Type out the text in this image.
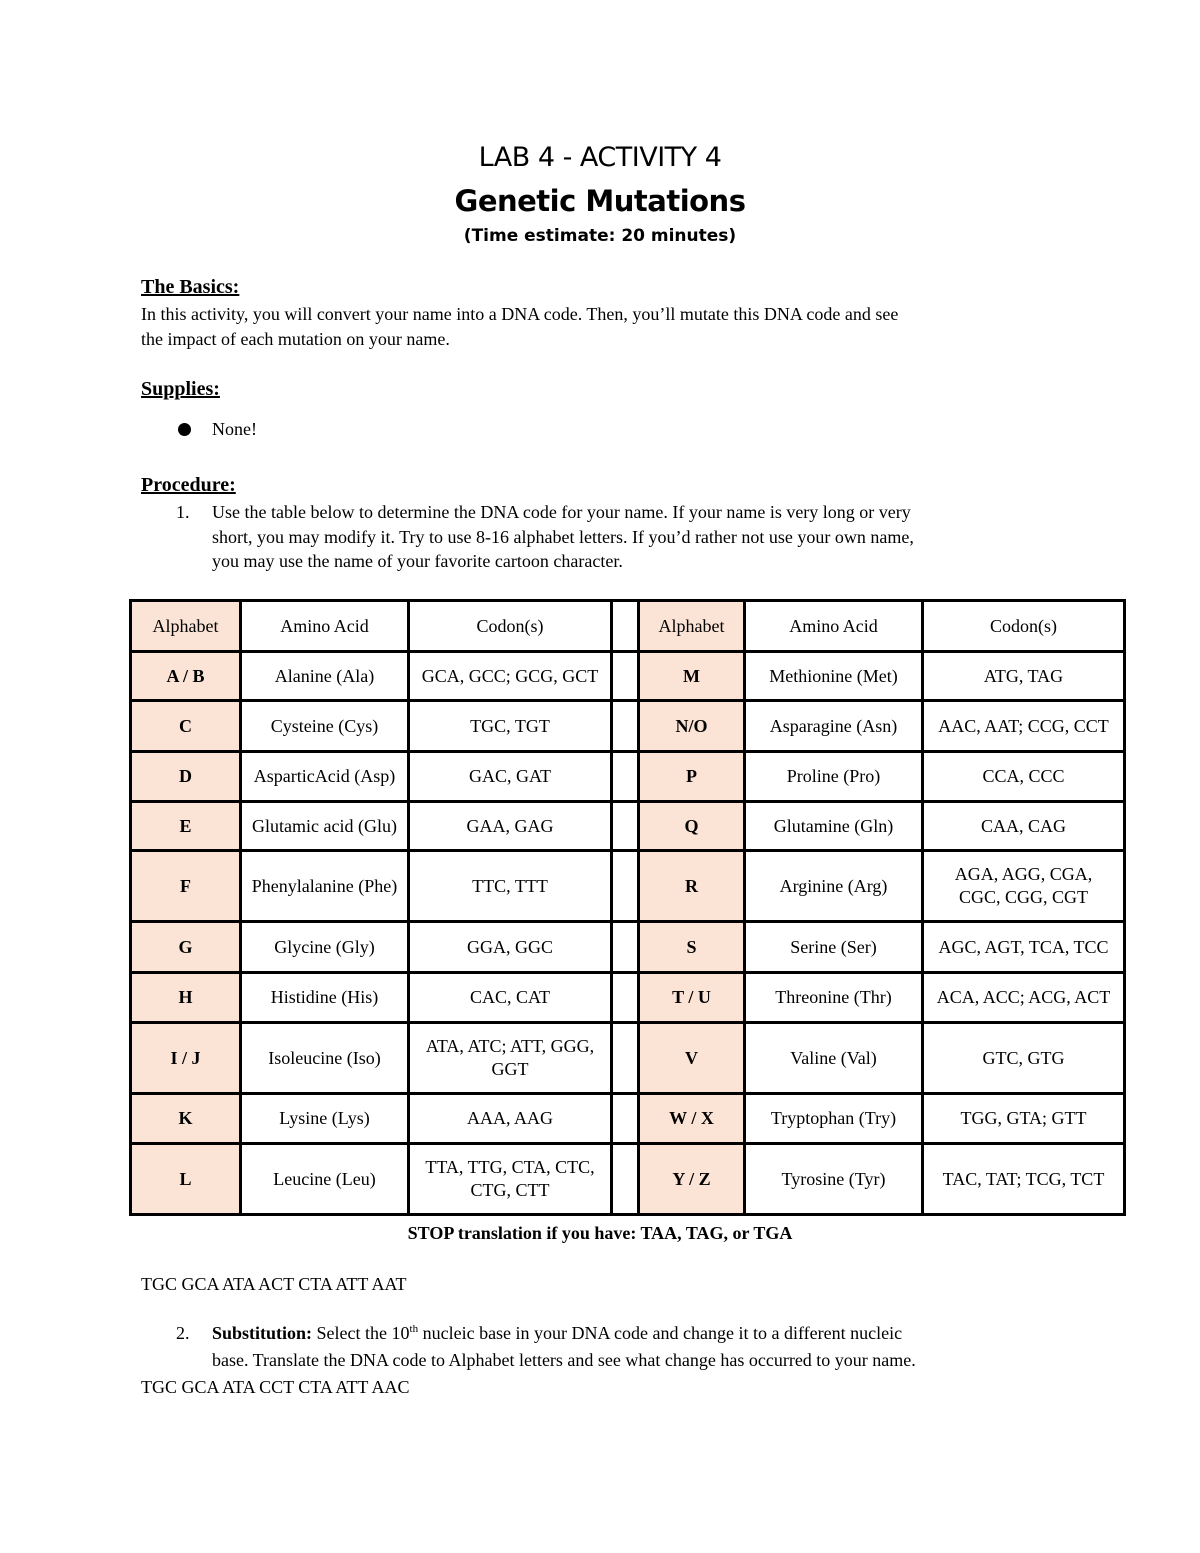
LAB 4 - ACTIVITY 4
Genetic Mutations
(Time estimate: 20 minutes)
The Basics:
In this activity, you will convert your name into a DNA code. Then, you’ll mutate this DNA code and see
the impact of each mutation on your name.
Supplies:
None!
Procedure:
1. Use the table below to determine the DNA code for your name. If your name is very long or very
short, you may modify it. Try to use 8-16 alphabet letters. If you’d rather not use your own name,
you may use the name of your favorite cartoon character.
Alphabet	Amino Acid	Codon(s)		Alphabet	Amino Acid	Codon(s)
A / B	Alanine (Ala)	GCA, GCC; GCG, GCT		M	Methionine (Met)	ATG, TAG

C	Cysteine (Cys)	TGC, TGT		N/O	Asparagine (Asn)	AAC, AAT; CCG, CCT

D	AsparticAcid (Asp)	GAC, GAT		P	Proline (Pro)	CCA, CCC

E	Glutamic acid (Glu)	GAA, GAG		Q	Glutamine (Gln)	CAA, CAG

F	Phenylalanine (Phe)	TTC, TTT		R	Arginine (Arg)	AGA, AGG, CGA,
CGC, CGG, CGT

G	Glycine (Gly)	GGA, GGC		S	Serine (Ser)	AGC, AGT, TCA, TCC

H	Histidine (His)	CAC, CAT		T / U	Threonine (Thr)	ACA, ACC; ACG, ACT

I / J	Isoleucine (Iso)	ATA, ATC; ATT, GGG,
GGT		V	Valine (Val)	GTC, GTG

K	Lysine (Lys)	AAA, AAG		W / X	Tryptophan (Try)	TGG, GTA; GTT

L	Leucine (Leu)	TTA, TTG, CTA, CTC,
CTG, CTT		Y / Z	Tyrosine (Tyr)	TAC, TAT; TCG, TCT
STOP translation if you have: TAA, TAG, or TGA
TGC GCA ATA ACT CTA ATT AAT
2. Substitution: Select the 10th nucleic base in your DNA code and change it to a different nucleic
base. Translate the DNA code to Alphabet letters and see what change has occurred to your name.
TGC GCA ATA CCT CTA ATT AAC
